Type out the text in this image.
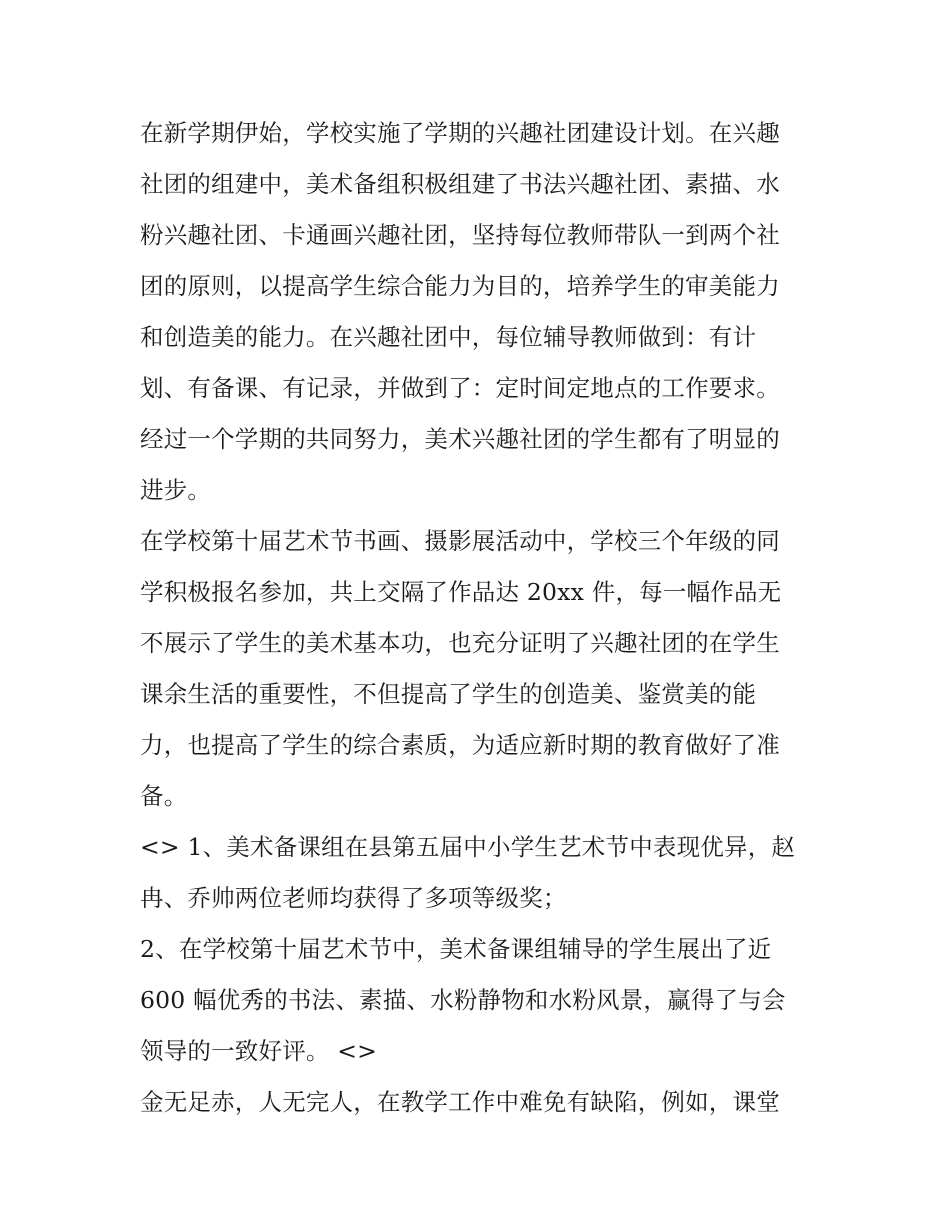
在新学期伊始，学校实施了学期的兴趣社团建设计划。在兴趣
社团的组建中，美术备组积极组建了书法兴趣社团、素描、水
粉兴趣社团、卡通画兴趣社团，坚持每位教师带队一到两个社
团的原则，以提高学生综合能力为目的，培养学生的审美能力
和创造美的能力。在兴趣社团中，每位辅导教师做到：有计
划、有备课、有记录，并做到了：定时间定地点的工作要求。
经过一个学期的共同努力，美术兴趣社团的学生都有了明显的
进步。
在学校第十届艺术节书画、摄影展活动中，学校三个年级的同
学积极报名参加，共上交隔了作品达 20xx 件，每一幅作品无
不展示了学生的美术基本功，也充分证明了兴趣社团的在学生
课余生活的重要性，不但提高了学生的创造美、鉴赏美的能
力，也提高了学生的综合素质，为适应新时期的教育做好了准
备。
<> 1、美术备课组在县第五届中小学生艺术节中表现优异，赵
冉、乔帅两位老师均获得了多项等级奖；
2、在学校第十届艺术节中，美术备课组辅导的学生展出了近
600 幅优秀的书法、素描、水粉静物和水粉风景，赢得了与会
领导的一致好评。 <>
金无足赤，人无完人，在教学工作中难免有缺陷，例如，课堂
